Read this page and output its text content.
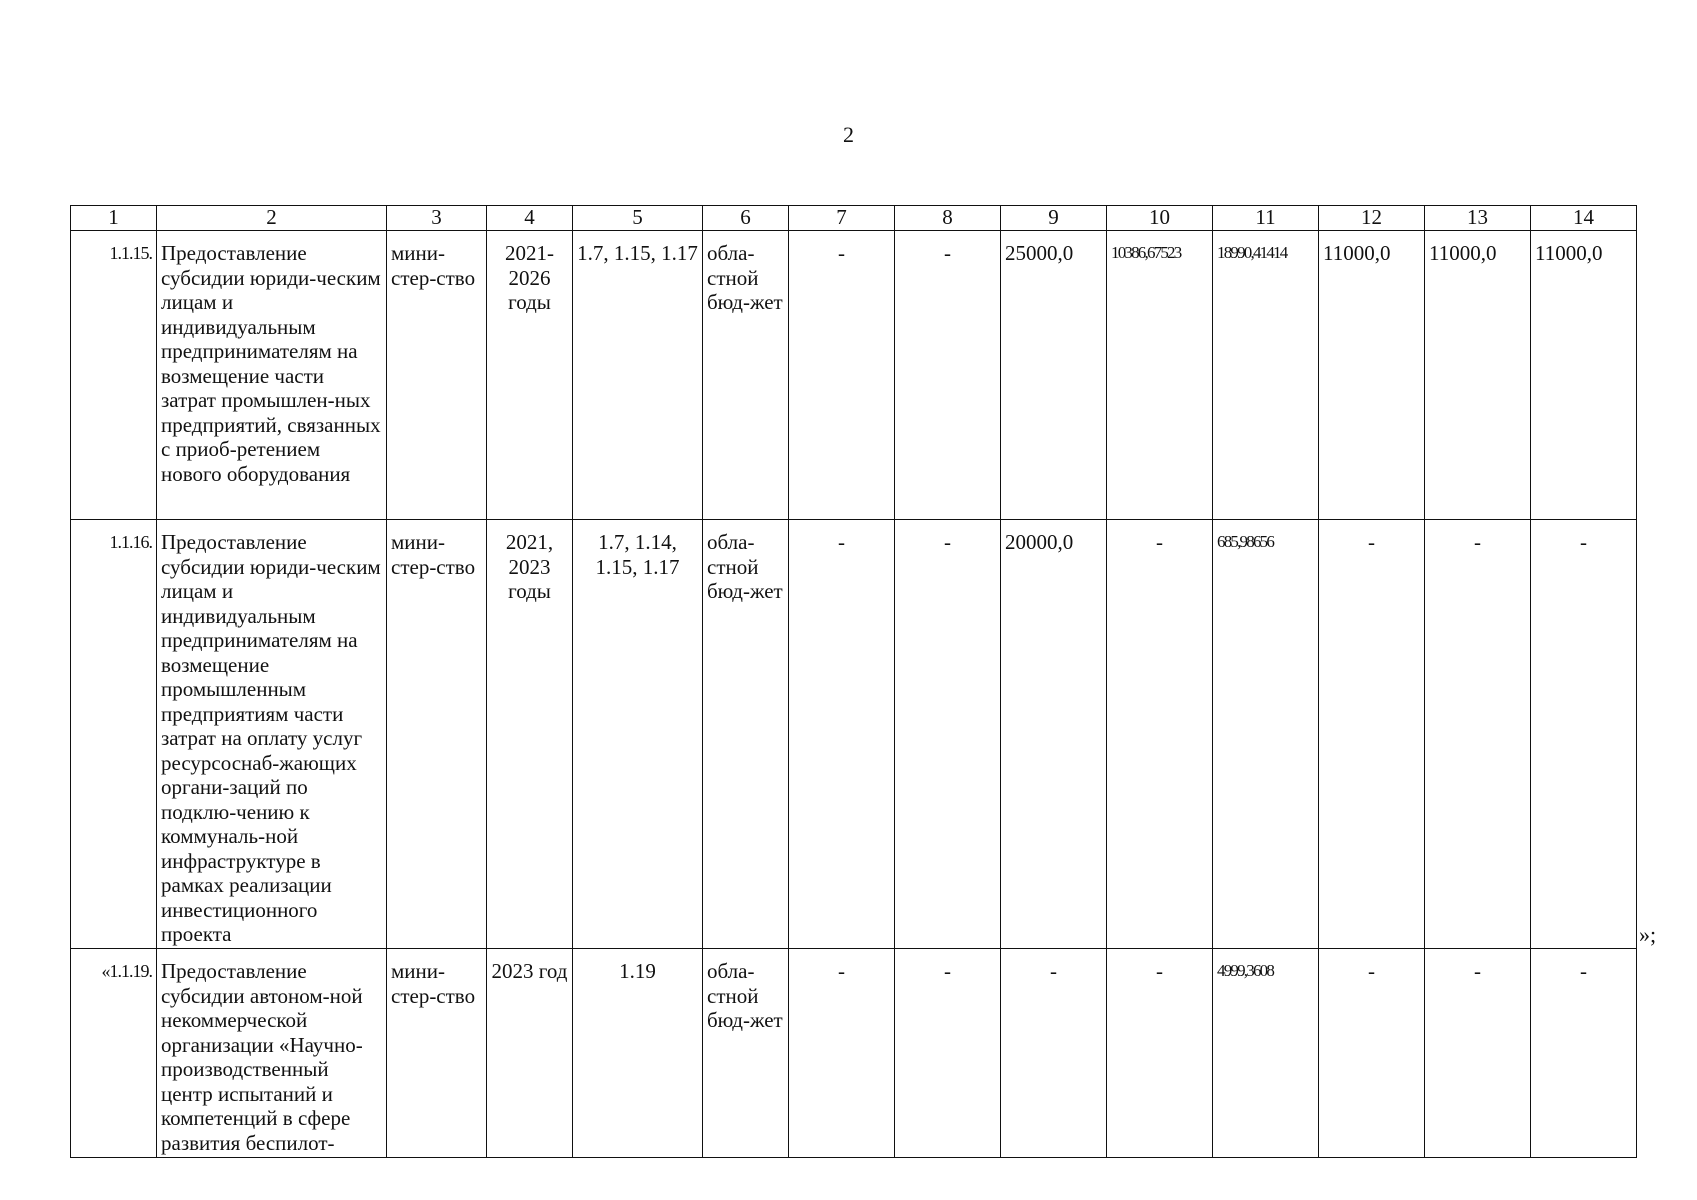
2
1	2	3	4	5	6	7	8	9	10	11	12	13	14
1.1.15.	Предоставление субсидии юриди-ческим лицам и индивидуальным предпринимателям на возмещение части затрат промышлен-ных предприятий, связанных с приоб-ретением нового оборудования	мини-стер-ство	2021-2026 годы	1.7, 1.15, 1.17	обла-стной бюд-жет	-	-	25000,0	10386,67523	18990,41414	11000,0	11000,0	11000,0
1.1.16.	Предоставление субсидии юриди-ческим лицам и индивидуальным предпринимателям на возмещение промышленным предприятиям части затрат на оплату услуг ресурсоснаб-жающих органи-заций по подклю-чению к коммуналь-ной инфраструктуре в рамках реализации инвестиционного проекта	мини-стер-ство	2021, 2023 годы	1.7, 1.14, 1.15, 1.17	обла-стной бюд-жет	-	-	20000,0	-	685,98656	-	-	-
«1.1.19.	Предоставление субсидии автоном-ной некоммерческой организации «Научно-производственный центр испытаний и компетенций в сфере развития беспилот-	мини-стер-ство	2023 год	1.19	обла-стной бюд-жет	-	-	-	-	4999,3608	-	-	-
»;
